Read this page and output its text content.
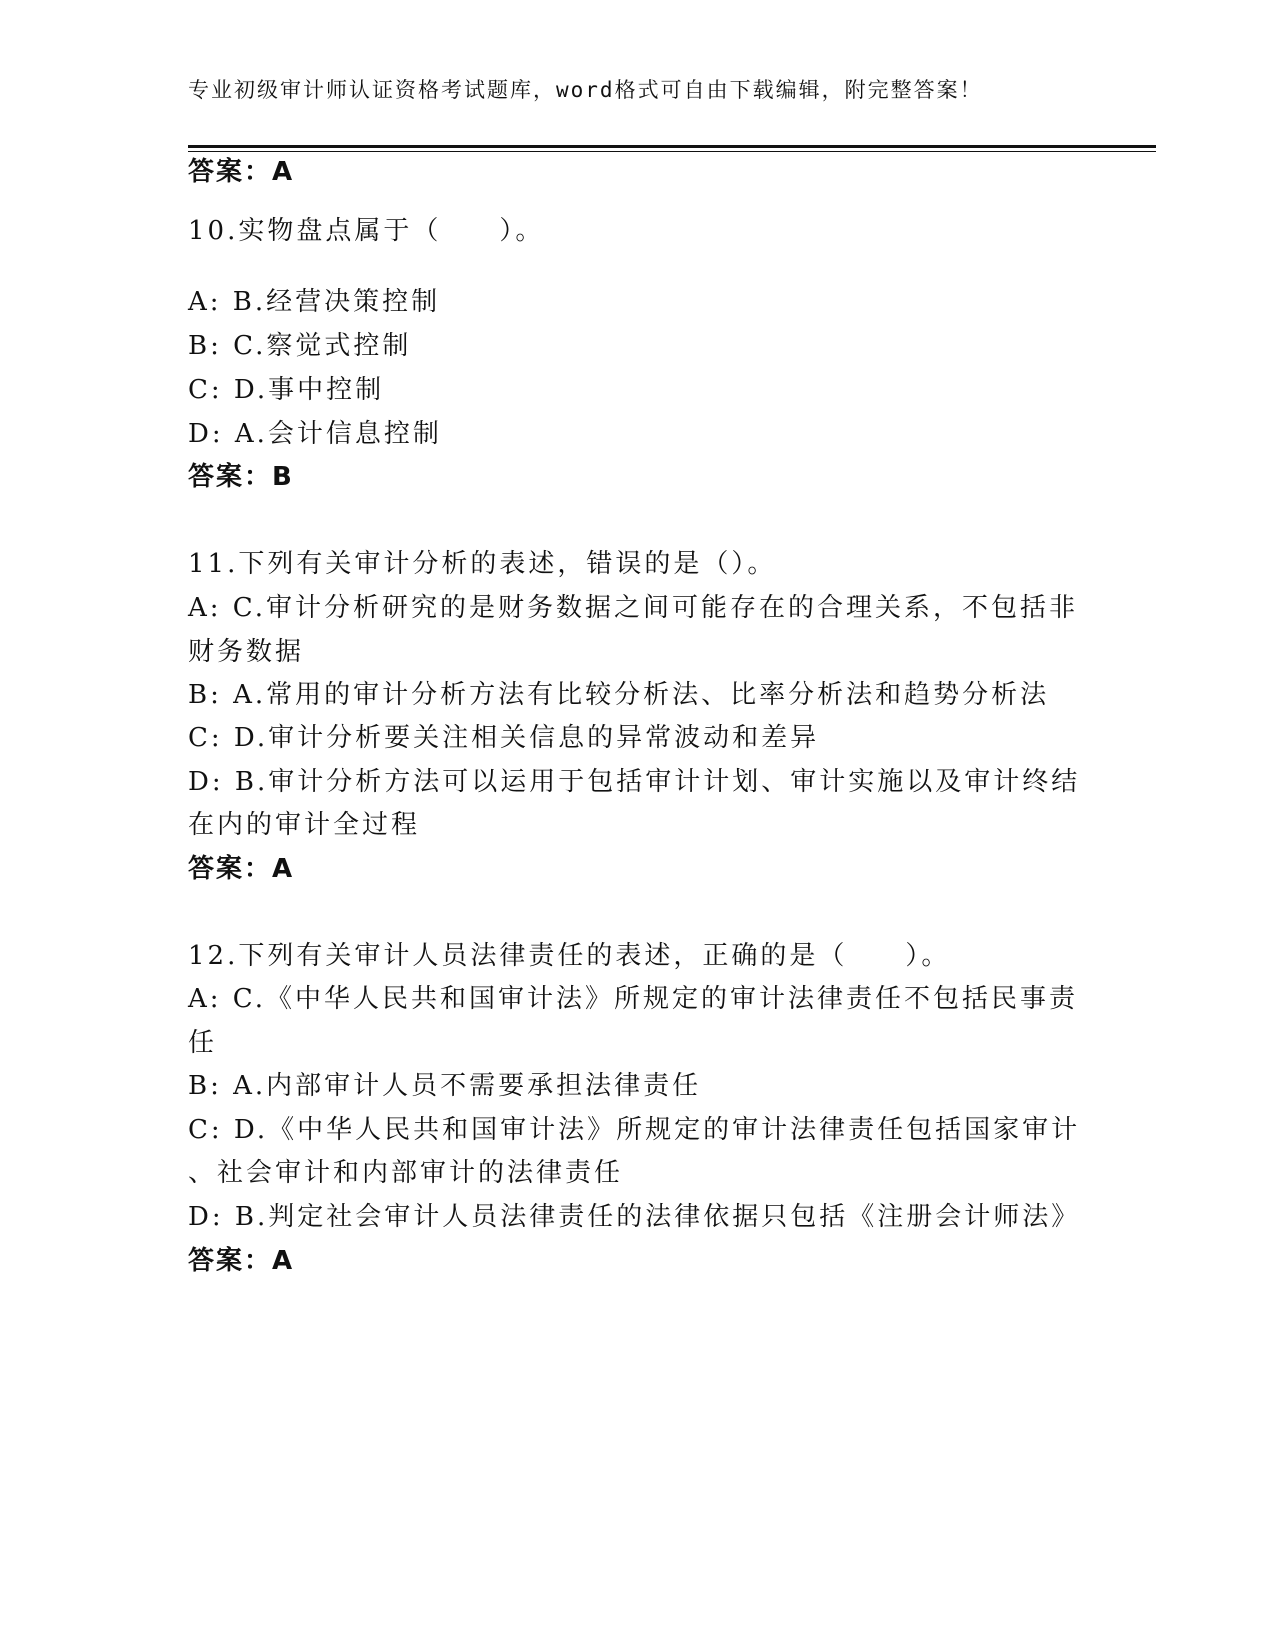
专业初级审计师认证资格考试题库，word格式可自由下载编辑，附完整答案！
答案：A
10.实物盘点属于（　　）。
A: B.经营决策控制
B: C.察觉式控制
C: D.事中控制
D: A.会计信息控制
答案：B
11.下列有关审计分析的表述，错误的是（）。
A: C.审计分析研究的是财务数据之间可能存在的合理关系，不包括非
财务数据
B: A.常用的审计分析方法有比较分析法、比率分析法和趋势分析法
C: D.审计分析要关注相关信息的异常波动和差异
D: B.审计分析方法可以运用于包括审计计划、审计实施以及审计终结
在内的审计全过程
答案：A
12.下列有关审计人员法律责任的表述，正确的是（　　）。
A: C.《中华人民共和国审计法》所规定的审计法律责任不包括民事责
任
B: A.内部审计人员不需要承担法律责任
C: D.《中华人民共和国审计法》所规定的审计法律责任包括国家审计
、社会审计和内部审计的法律责任
D: B.判定社会审计人员法律责任的法律依据只包括《注册会计师法》
答案：A
